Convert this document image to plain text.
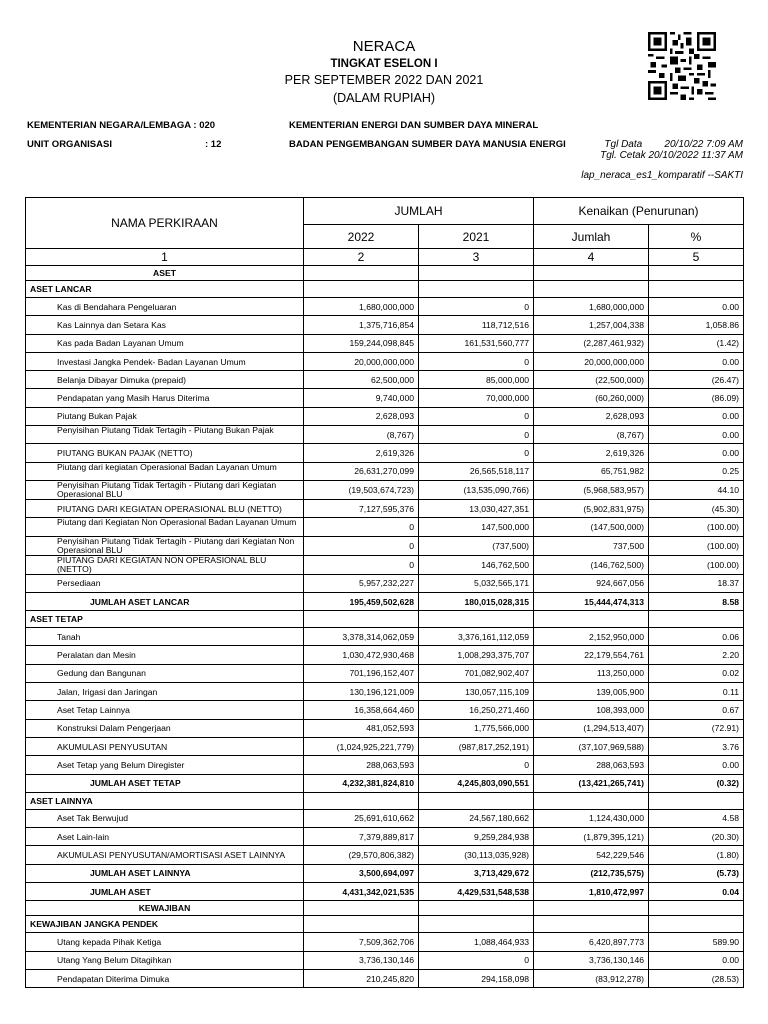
NERACA
TINGKAT ESELON I
PER SEPTEMBER 2022 DAN 2021
(DALAM RUPIAH)
KEMENTERIAN NEGARA/LEMBAGA : 020	KEMENTERIAN ENERGI DAN SUMBER DAYA MINERAL
UNIT ORGANISASI	: 12	BADAN PENGEMBANGAN SUMBER DAYA MANUSIA ENERGI	Tgl Data        20/10/22 7:09 AM
Tgl. Cetak 20/10/2022 11:37 AM
lap_neraca_es1_komparatif --SAKTI
NAMA PERKIRAAN	JUMLAH		Kenaikan (Penurunan)	
	2022	2021	Jumlah	%
1	2	3	4	5
ASET				
ASET LANCAR				
Kas di Bendahara Pengeluaran	1,680,000,000	0	1,680,000,000	0.00
Kas Lainnya dan Setara Kas	1,375,716,854	118,712,516	1,257,004,338	1,058.86
Kas pada Badan Layanan Umum	159,244,098,845	161,531,560,777	(2,287,461,932)	(1.42)
Investasi Jangka Pendek- Badan Layanan Umum	20,000,000,000	0	20,000,000,000	0.00
Belanja Dibayar Dimuka (prepaid)	62,500,000	85,000,000	(22,500,000)	(26.47)
Pendapatan yang Masih Harus Diterima	9,740,000	70,000,000	(60,260,000)	(86.09)
Piutang Bukan Pajak	2,628,093	0	2,628,093	0.00
Penyisihan Piutang Tidak Tertagih - Piutang Bukan Pajak	(8,767)	0	(8,767)	0.00
PIUTANG BUKAN PAJAK (NETTO)	2,619,326	0	2,619,326	0.00
Piutang dari kegiatan Operasional Badan Layanan Umum	26,631,270,099	26,565,518,117	65,751,982	0.25
Penyisihan Piutang Tidak Tertagih - Piutang dari Kegiatan Operasional BLU	(19,503,674,723)	(13,535,090,766)	(5,968,583,957)	44.10
PIUTANG DARI KEGIATAN OPERASIONAL BLU (NETTO)	7,127,595,376	13,030,427,351	(5,902,831,975)	(45.30)
Piutang dari Kegiatan Non Operasional Badan Layanan Umum	0	147,500,000	(147,500,000)	(100.00)
Penyisihan Piutang Tidak Tertagih - Piutang dari Kegiatan Non Operasional BLU	0	(737,500)	737,500	(100.00)
PIUTANG DARI KEGIATAN NON OPERASIONAL BLU (NETTO)	0	146,762,500	(146,762,500)	(100.00)
Persediaan	5,957,232,227	5,032,565,171	924,667,056	18.37
JUMLAH ASET LANCAR	195,459,502,628	180,015,028,315	15,444,474,313	8.58
ASET TETAP				
Tanah	3,378,314,062,059	3,376,161,112,059	2,152,950,000	0.06
Peralatan dan Mesin	1,030,472,930,468	1,008,293,375,707	22,179,554,761	2.20
Gedung dan Bangunan	701,196,152,407	701,082,902,407	113,250,000	0.02
Jalan, Irigasi dan Jaringan	130,196,121,009	130,057,115,109	139,005,900	0.11
Aset Tetap Lainnya	16,358,664,460	16,250,271,460	108,393,000	0.67
Konstruksi Dalam Pengerjaan	481,052,593	1,775,566,000	(1,294,513,407)	(72.91)
AKUMULASI PENYUSUTAN	(1,024,925,221,779)	(987,817,252,191)	(37,107,969,588)	3.76
Aset Tetap yang Belum Diregister	288,063,593	0	288,063,593	0.00
JUMLAH ASET TETAP	4,232,381,824,810	4,245,803,090,551	(13,421,265,741)	(0.32)
ASET LAINNYA				
Aset Tak Berwujud	25,691,610,662	24,567,180,662	1,124,430,000	4.58
Aset Lain-lain	7,379,889,817	9,259,284,938	(1,879,395,121)	(20.30)
AKUMULASI PENYUSUTAN/AMORTISASI ASET LAINNYA	(29,570,806,382)	(30,113,035,928)	542,229,546	(1.80)
JUMLAH ASET LAINNYA	3,500,694,097	3,713,429,672	(212,735,575)	(5.73)
JUMLAH ASET	4,431,342,021,535	4,429,531,548,538	1,810,472,997	0.04
KEWAJIBAN				
KEWAJIBAN JANGKA PENDEK				
Utang kepada Pihak Ketiga	7,509,362,706	1,088,464,933	6,420,897,773	589.90
Utang Yang Belum Ditagihkan	3,736,130,146	0	3,736,130,146	0.00
Pendapatan Diterima Dimuka	210,245,820	294,158,098	(83,912,278)	(28.53)
